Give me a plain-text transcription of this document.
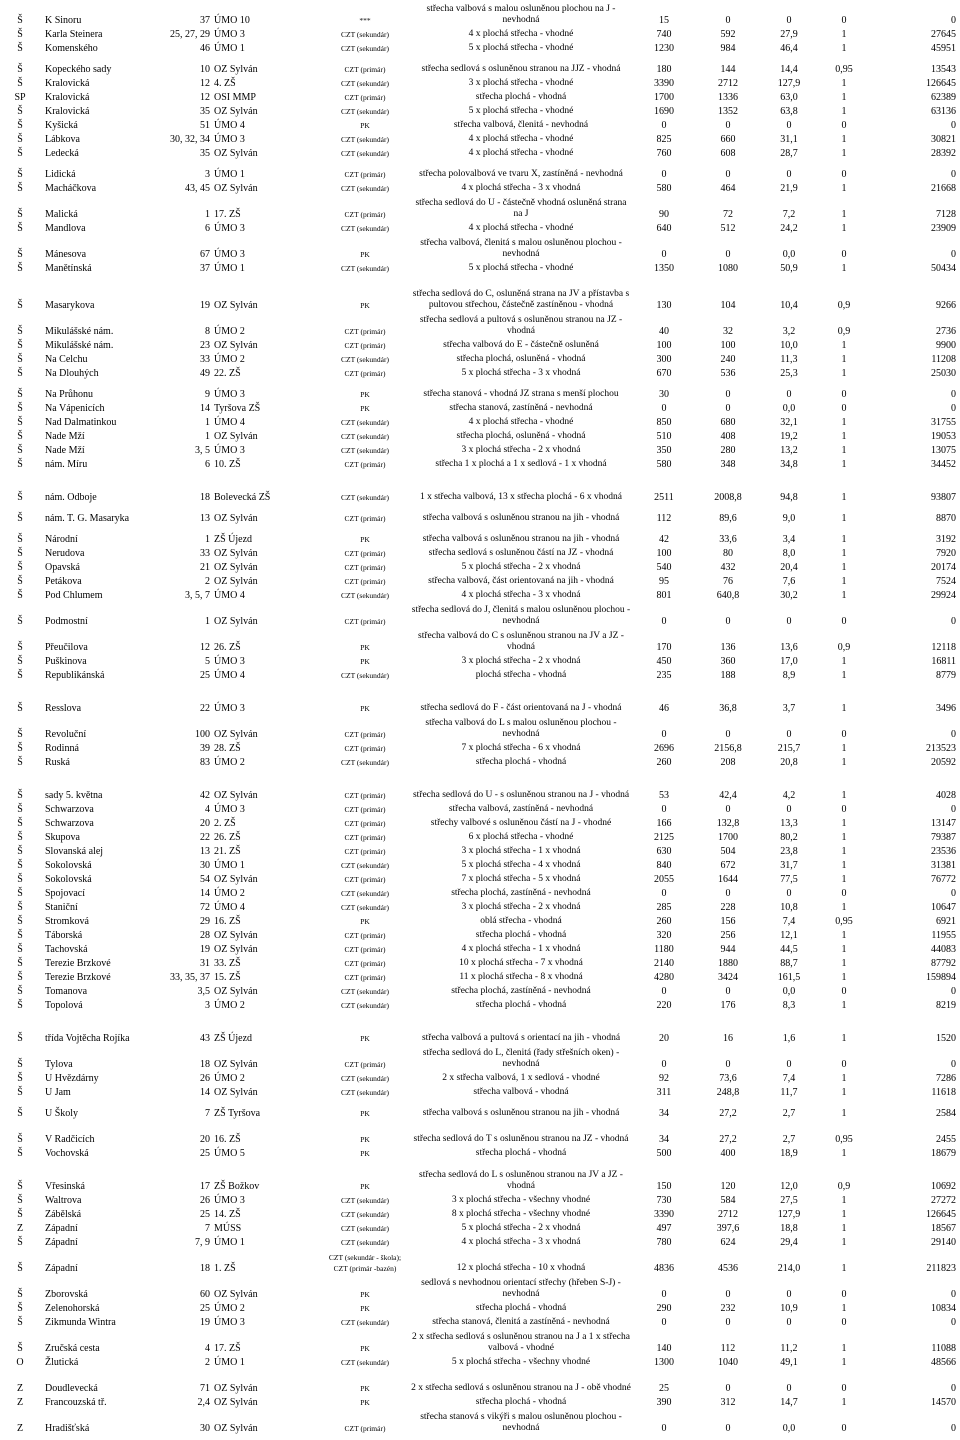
Š	K Sinoru	37	ÚMO 10	***	střecha valbová s malou osluněnou plochou na J - nevhodná	15	0	0	0	0
Š	Karla Steinera	25, 27, 29	ÚMO 3	CZT (sekundár)	4 x plochá střecha - vhodné	740	592	27,9	1	27645
Š	Komenského	46	ÚMO 1	CZT (sekundár)	5 x plochá střecha - vhodné	1230	984	46,4	1	45951

Š	Kopeckého sady	10	OZ Sylván	CZT (primár)	střecha sedlová s osluněnou stranou na JJZ - vhodná	180	144	14,4	0,95	13543
Š	Kralovická	12	4. ZŠ	CZT (sekundár)	3 x plochá střecha - vhodné	3390	2712	127,9	1	126645
SP	Kralovická	12	OSI MMP	CZT (primár)	střecha plochá - vhodná	1700	1336	63,0	1	62389
Š	Kralovická	35	OZ Sylván	CZT (sekundár)	5 x plochá střecha - vhodné	1690	1352	63,8	1	63136
Š	Kyšická	51	ÚMO 4	PK	střecha valbová, členitá - nevhodná	0	0	0	0	0
Š	Lábkova	30, 32, 34	ÚMO 3	CZT (sekundár)	4 x plochá střecha - vhodné	825	660	31,1	1	30821
Š	Ledecká	35	OZ Sylván	CZT (sekundár)	4 x plochá střecha - vhodné	760	608	28,7	1	28392

Š	Lidická	3	ÚMO 1	CZT (primár)	střecha polovalbová ve tvaru X, zastíněná - nevhodná	0	0	0	0	0
Š	Macháčkova	43, 45	OZ Sylván	CZT (sekundár)	4 x plochá střecha - 3 x vhodná	580	464	21,9	1	21668
Š	Malická	1	17. ZŠ	CZT (primár)	střecha sedlová do U - částečně vhodná osluněná strana na J	90	72	7,2	1	7128
Š	Mandlova	6	ÚMO 3	CZT (sekundár)	4 x plochá střecha - vhodné	640	512	24,2	1	23909
Š	Mánesova	67	ÚMO 3	PK	střecha valbová, členitá s malou osluněnou plochou - nevhodná	0	0	0,0	0	0
Š	Manětínská	37	ÚMO 1	CZT (sekundár)	5 x plochá střecha - vhodné	1350	1080	50,9	1	50434
Š	Masarykova	19	OZ Sylván	PK	střecha sedlová do C, osluněná strana na JV a přístavba s pultovou střechou, částečně zastíněnou - vhodná	130	104	10,4	0,9	9266
Š	Mikulášské nám.	8	ÚMO 2	CZT (primár)	střecha sedlová a pultová s osluněnou stranou na JZ - vhodná	40	32	3,2	0,9	2736
Š	Mikulášské nám.	23	OZ Sylván	CZT (primár)	střecha valbová do E - částečně osluněná	100	100	10,0	1	9900
Š	Na Celchu	33	ÚMO 2	CZT (sekundár)	střecha plochá, osluněná - vhodná	300	240	11,3	1	11208
Š	Na Dlouhých	49	22. ZŠ	CZT (primár)	5 x plochá střecha - 3 x vhodná	670	536	25,3	1	25030

Š	Na Průhonu	9	ÚMO 3	PK	střecha stanová - vhodná JZ strana s menší plochou	30	0	0	0	0
Š	Na Vápenicích	14	Tyršova ZŠ	PK	střecha stanová, zastíněná - nevhodná	0	0	0,0	0	0
Š	Nad Dalmatinkou	1	ÚMO 4	CZT (sekundár)	4 x plochá střecha - vhodné	850	680	32,1	1	31755
Š	Nade Mží	1	OZ Sylván	CZT (sekundár)	střecha plochá, osluněná - vhodná	510	408	19,2	1	19053
Š	Nade Mží	3, 5	ÚMO 3	CZT (sekundár)	3 x plochá střecha - 2 x vhodná	350	280	13,2	1	13075
Š	nám. Míru	6	10. ZŠ	CZT (primár)	střecha 1 x plochá a 1 x sedlová - 1 x vhodná	580	348	34,8	1	34452

Š	nám. Odboje	18	Bolevecká ZŠ	CZT (sekundár)	1 x střecha valbová, 13 x střecha plochá - 6 x vhodná	2511	2008,8	94,8	1	93807

Š	nám. T. G. Masaryka	13	OZ Sylván	CZT (primár)	střecha valbová s osluněnou stranou na jih - vhodná	112	89,6	9,0	1	8870

Š	Národní	1	ZŠ Újezd	PK	střecha valbová s osluněnou stranou na jih - vhodná	42	33,6	3,4	1	3192
Š	Nerudova	33	OZ Sylván	CZT (primár)	střecha sedlová s osluněnou částí na JZ - vhodná	100	80	8,0	1	7920
Š	Opavská	21	OZ Sylván	CZT (primár)	5 x plochá střecha - 2 x vhodná	540	432	20,4	1	20174
Š	Petákova	2	OZ Sylván	CZT (primár)	střecha valbová, část orientovaná na jih - vhodná	95	76	7,6	1	7524
Š	Pod Chlumem	3, 5, 7	ÚMO 4	CZT (sekundár)	4 x plochá střecha - 3 x vhodná	801	640,8	30,2	1	29924
Š	Podmostní	1	OZ Sylván	CZT (primár)	střecha sedlová do J, členitá s malou osluněnou plochou - nevhodná	0	0	0	0	0
Š	Přeučilova	12	26. ZŠ	PK	střecha valbová do C s osluněnou stranou na JV a JZ - vhodná	170	136	13,6	0,9	12118
Š	Puškinova	5	ÚMO 3	PK	3 x plochá střecha - 2 x vhodná	450	360	17,0	1	16811
Š	Republikánská	25	ÚMO 4	CZT (sekundár)	plochá střecha - vhodná	235	188	8,9	1	8779

Š	Resslova	22	ÚMO 3	PK	střecha sedlová do F - část orientovaná na J - vhodná	46	36,8	3,7	1	3496
Š	Revoluční	100	OZ Sylván	CZT (primár)	střecha valbová do L s malou osluněnou plochou - nevhodná	0	0	0	0	0
Š	Rodinná	39	28. ZŠ	CZT (primár)	7 x plochá střecha - 6 x vhodná	2696	2156,8	215,7	1	213523
Š	Ruská	83	ÚMO 2	CZT (sekundár)	střecha plochá - vhodná	260	208	20,8	1	20592

Š	sady 5. května	42	OZ Sylván	CZT (primár)	střecha sedlová do U - s osluněnou stranou na J - vhodná	53	42,4	4,2	1	4028
Š	Schwarzova	4	ÚMO 3	CZT (primár)	střecha valbová, zastíněná - nevhodná	0	0	0	0	0
Š	Schwarzova	20	2. ZŠ	CZT (primár)	střechy valbové s osluněnou částí na J - vhodné	166	132,8	13,3	1	13147
Š	Skupova	22	26. ZŠ	CZT (primár)	6 x plochá střecha - vhodné	2125	1700	80,2	1	79387
Š	Slovanská alej	13	21. ZŠ	CZT (primár)	3 x plochá střecha - 1 x vhodná	630	504	23,8	1	23536
Š	Sokolovská	30	ÚMO 1	CZT (sekundár)	5 x plochá střecha - 4 x vhodná	840	672	31,7	1	31381
Š	Sokolovská	54	OZ Sylván	CZT (primár)	7 x plochá střecha - 5 x vhodná	2055	1644	77,5	1	76772
Š	Spojovací	14	ÚMO 2	CZT (sekundár)	střecha plochá, zastíněná - nevhodná	0	0	0	0	0
Š	Staniční	72	ÚMO 4	CZT (sekundár)	3 x plochá střecha - 2 x vhodná	285	228	10,8	1	10647
Š	Stromková	29	16. ZŠ	PK	oblá střecha - vhodná	260	156	7,4	0,95	6921
Š	Táborská	28	OZ Sylván	CZT (primár)	střecha plochá - vhodná	320	256	12,1	1	11955
Š	Tachovská	19	OZ Sylván	CZT (primár)	4 x plochá střecha - 1 x vhodná	1180	944	44,5	1	44083
Š	Terezie Brzkové	31	33. ZŠ	CZT (primár)	10 x plochá střecha - 7 x vhodná	2140	1880	88,7	1	87792
Š	Terezie Brzkové	33, 35, 37	15. ZŠ	CZT (primár)	11 x plochá střecha - 8 x vhodná	4280	3424	161,5	1	159894
Š	Tomanova	3,5	OZ Sylván	CZT (sekundár)	střecha plochá, zastíněná - nevhodná	0	0	0,0	0	0
Š	Topolová	3	ÚMO 2	CZT (sekundár)	střecha plochá - vhodná	220	176	8,3	1	8219

Š	třída Vojtěcha Rojíka	43	ZŠ Újezd	PK	střecha valbová a pultová s orientací na jih - vhodná	20	16	1,6	1	1520
Š	Tylova	18	OZ Sylván	CZT (primár)	střecha sedlová do L, členitá (řady střešních oken) - nevhodná	0	0	0	0	0
Š	U Hvězdárny	26	ÚMO 2	CZT (sekundár)	2 x střecha valbová, 1 x sedlová - vhodné	92	73,6	7,4	1	7286
Š	U Jam	14	OZ Sylván	CZT (sekundár)	střecha valbová - vhodná	311	248,8	11,7	1	11618

Š	U Školy	7	ZŠ Tyršova	PK	střecha valbová s osluněnou stranou na jih - vhodná	34	27,2	2,7	1	2584
Š	V Radčicích	20	16. ZŠ	PK	střecha sedlová do T s osluněnou stranou na JZ - vhodná	34	27,2	2,7	0,95	2455
Š	Vochovská	25	ÚMO 5	PK	střecha plochá - vhodná	500	400	18,9	1	18679

Š	Vřesinská	17	ZŠ Božkov	PK	střecha sedlová do L s osluněnou stranou na JV a JZ - vhodná	150	120	12,0	0,9	10692
Š	Waltrova	26	ÚMO 3	CZT (sekundár)	3 x plochá střecha - všechny vhodné	730	584	27,5	1	27272
Š	Zábělská	25	14. ZŠ	CZT (sekundár)	8 x plochá střecha - všechny vhodné	3390	2712	127,9	1	126645
Z	Západní	7	MÚSS	CZT (sekundár)	5 x plochá střecha - 2 x vhodná	497	397,6	18,8	1	18567
Š	Západní	7, 9	ÚMO 1	CZT (sekundár)	4 x plochá střecha - 3 x vhodná	780	624	29,4	1	29140
Š	Západní	18	1. ZŠ	CZT (sekundár - škola); CZT (primár -bazén)	12 x plochá střecha - 10 x vhodná	4836	4536	214,0	1	211823
Š	Zborovská	60	OZ Sylván	PK	sedlová s nevhodnou orientací střechy (hřeben S-J) - nevhodná	0	0	0	0	0
Š	Zelenohorská	25	ÚMO 2	PK	střecha plochá - vhodná	290	232	10,9	1	10834
Š	Zikmunda Wintra	19	ÚMO 3	CZT (sekundár)	střecha stanová, členitá a zastíněná - nevhodná	0	0	0	0	0
Š	Zručská cesta	4	17. ZŠ	PK	2 x střecha sedlová s osluněnou stranou na J a 1 x střecha valbová - vhodné	140	112	11,2	1	11088
O	Žlutická	2	ÚMO 1	CZT (sekundár)	5 x plochá střecha - všechny vhodné	1300	1040	49,1	1	48566
Z	Doudlevecká	71	OZ Sylván	PK	2 x střecha sedlová s osluněnou stranou na J - obě vhodné	25	0	0	0	0
Z	Francouzská tř.	2,4	OZ Sylván	PK	střecha plochá - vhodná	390	312	14,7	1	14570
Z	Hradišťská	30	OZ Sylván	CZT (primár)	střecha stanová s vikýři s malou osluněnou plochou - nevhodná	0	0	0,0	0	0
